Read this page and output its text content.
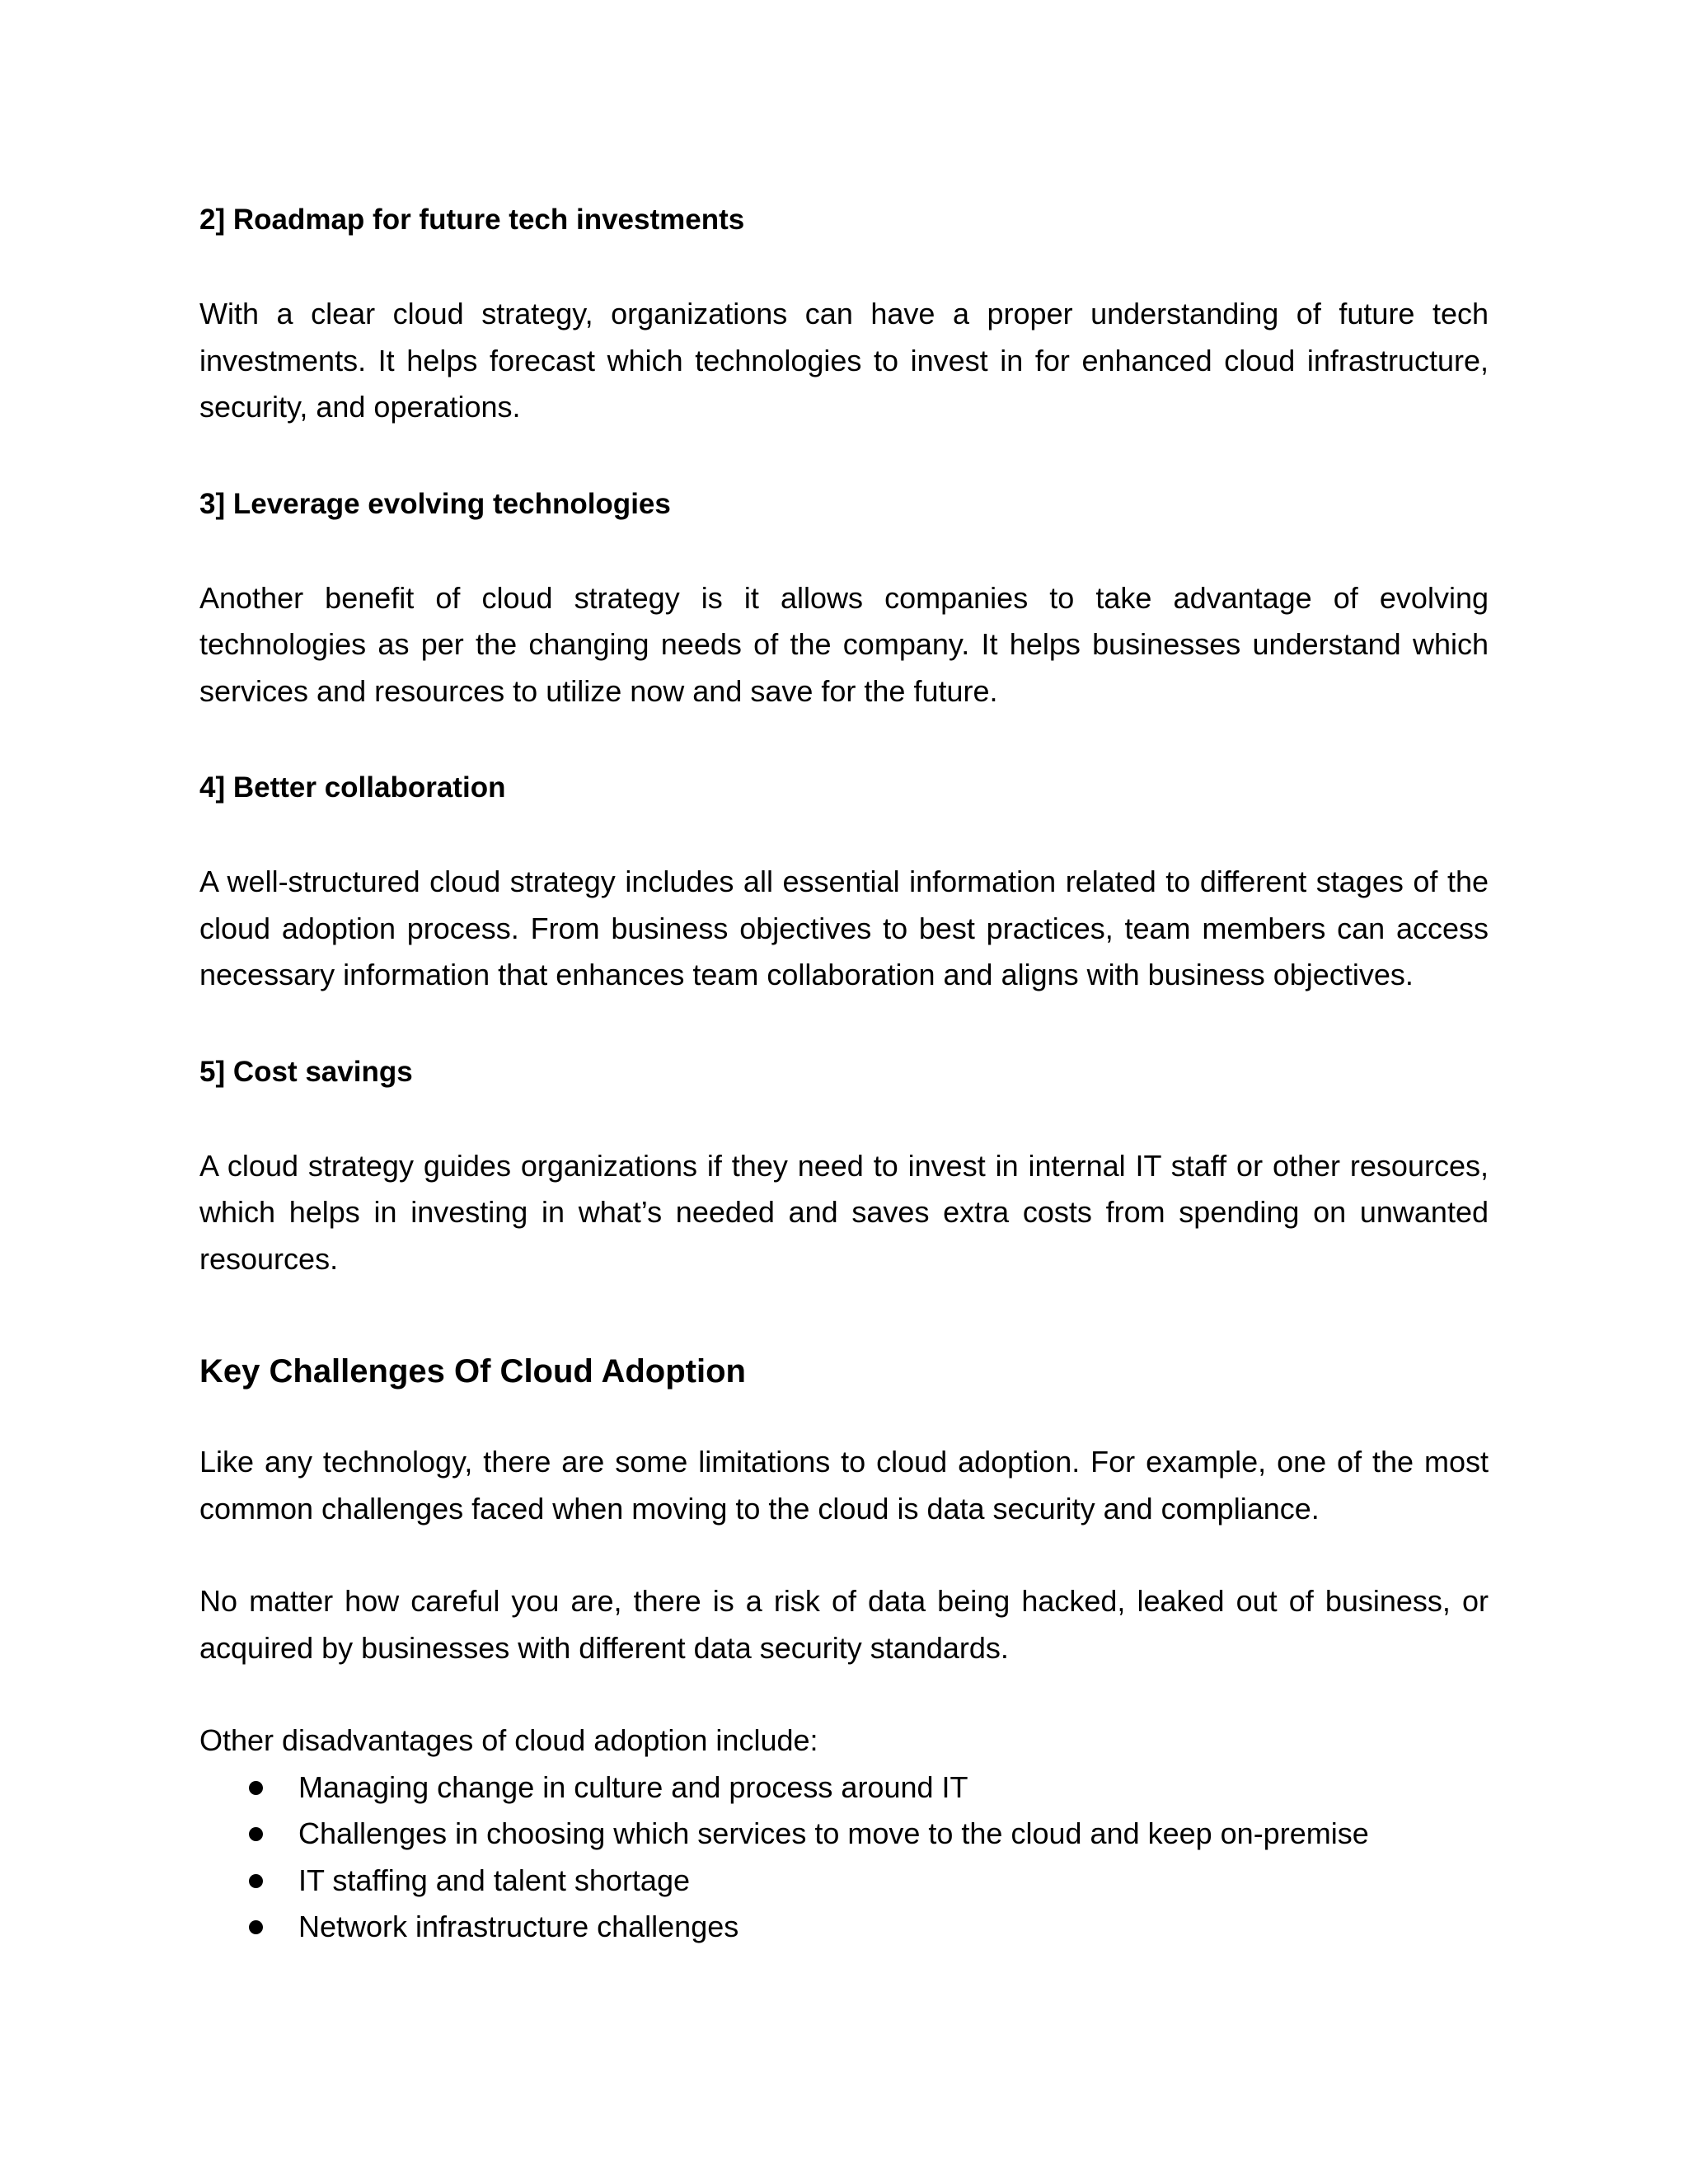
2] Roadmap for future tech investments

With a clear cloud strategy, organizations can have a proper understanding of future tech investments. It helps forecast which technologies to invest in for enhanced cloud infrastructure, security, and operations.

3] Leverage evolving technologies

Another benefit of cloud strategy is it allows companies to take advantage of evolving technologies as per the changing needs of the company. It helps businesses understand which services and resources to utilize now and save for the future.

4] Better collaboration

A well-structured cloud strategy includes all essential information related to different stages of the cloud adoption process. From business objectives to best practices, team members can access necessary information that enhances team collaboration and aligns with business objectives.

5] Cost savings

A cloud strategy guides organizations if they need to invest in internal IT staff or other resources, which helps in investing in what’s needed and saves extra costs from spending on unwanted resources.

Key Challenges Of Cloud Adoption

Like any technology, there are some limitations to cloud adoption. For example, one of the most common challenges faced when moving to the cloud is data security and compliance.

No matter how careful you are, there is a risk of data being hacked, leaked out of business, or acquired by businesses with different data security standards.

Other disadvantages of cloud adoption include:

Managing change in culture and process around IT
Challenges in choosing which services to move to the cloud and keep on-premise
IT staffing and talent shortage
Network infrastructure challenges
